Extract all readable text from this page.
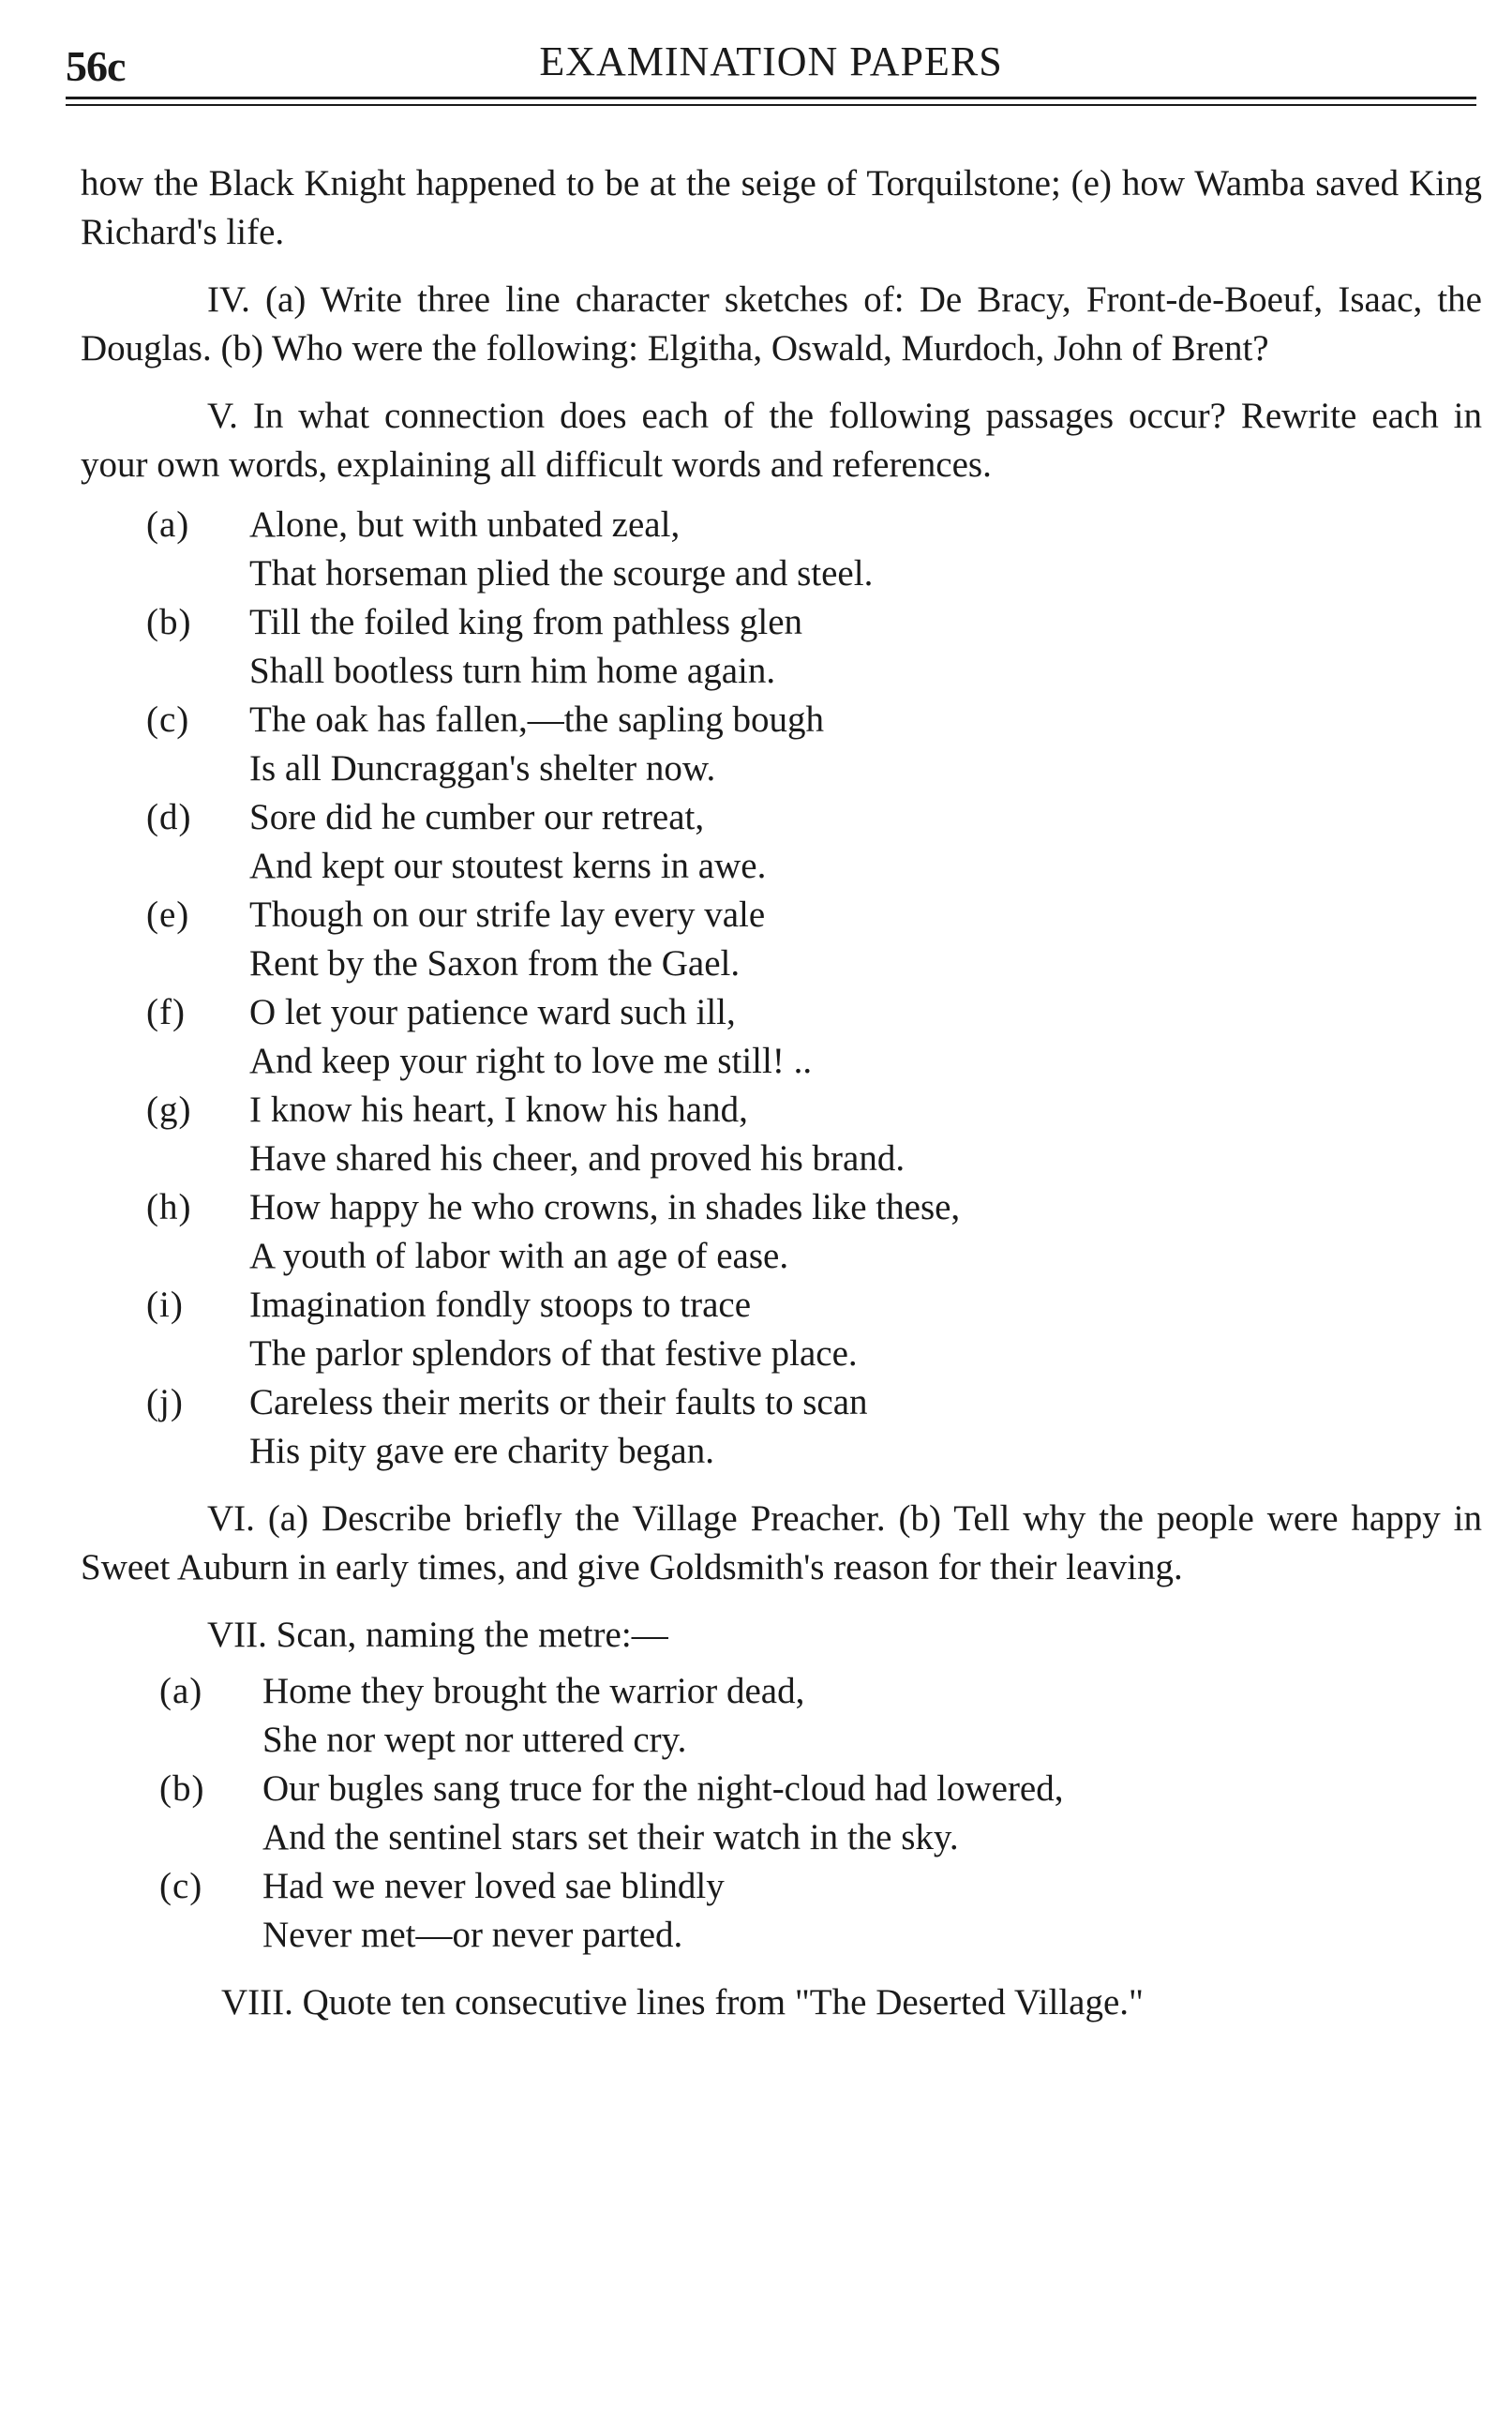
56c	EXAMINATION PAPERS

how the Black Knight happened to be at the seige of Torquilstone; (e) how Wamba saved King Richard's life.

IV. (a) Write three line character sketches of: De Bracy, Front-de-Boeuf, Isaac, the Douglas. (b) Who were the following: Elgitha, Oswald, Murdoch, John of Brent?

V. In what connection does each of the following passages occur? Rewrite each in your own words, explaining all difficult words and references.

(a)	Alone, but with unbated zeal,
That horseman plied the scourge and steel.
(b)	Till the foiled king from pathless glen
Shall bootless turn him home again.
(c)	The oak has fallen,—the sapling bough
Is all Duncraggan's shelter now.
(d)	Sore did he cumber our retreat,
And kept our stoutest kerns in awe.
(e)	Though on our strife lay every vale
Rent by the Saxon from the Gael.
(f)	O let your patience ward such ill,
And keep your right to love me still! ..
(g)	I know his heart, I know his hand,
Have shared his cheer, and proved his brand.
(h)	How happy he who crowns, in shades like these,
A youth of labor with an age of ease.
(i)	Imagination fondly stoops to trace
The parlor splendors of that festive place.
(j)	Careless their merits or their faults to scan
His pity gave ere charity began.

VI. (a) Describe briefly the Village Preacher. (b) Tell why the people were happy in Sweet Auburn in early times, and give Goldsmith's reason for their leaving.

VII. Scan, naming the metre:—

(a)	Home they brought the warrior dead,
She nor wept nor uttered cry.
(b)	Our bugles sang truce for the night-cloud had lowered,
And the sentinel stars set their watch in the sky.
(c)	Had we never loved sae blindly
Never met—or never parted.

VIII. Quote ten consecutive lines from "The Deserted Village."
